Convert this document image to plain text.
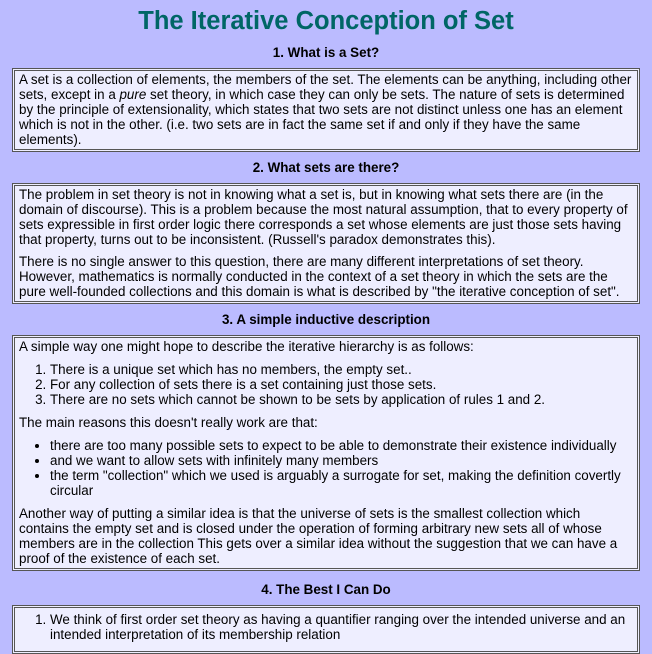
The Iterative Conception of Set
1. What is a Set?

A set is a collection of elements, the members of the set. The elements can be anything, including other sets, except in a pure set theory, in which case they can only be sets. The nature of sets is determined by the principle of extensionality, which states that two sets are not distinct unless one has an element which is not in the other. (i.e. two sets are in fact the same set if and only if they have the same elements).

2. What sets are there?

The problem in set theory is not in knowing what a set is, but in knowing what sets there are (in the domain of discourse). This is a problem because the most natural assumption, that to every property of sets expressible in first order logic there corresponds a set whose elements are just those sets having that property, turns out to be inconsistent. (Russell's paradox demonstrates this).

There is no single answer to this question, there are many different interpretations of set theory. However, mathematics is normally conducted in the context of a set theory in which the sets are the pure well-founded collections and this domain is what is described by "the iterative conception of set".

3. A simple inductive description

A simple way one might hope to describe the iterative hierarchy is as follows:

1. There is a unique set which has no members, the empty set..
2. For any collection of sets there is a set containing just those sets.
3. There are no sets which cannot be shown to be sets by application of rules 1 and 2.

The main reasons this doesn't really work are that:

• there are too many possible sets to expect to be able to demonstrate their existence individually
• and we want to allow sets with infinitely many members
• the term "collection" which we used is arguably a surrogate for set, making the definition covertly circular

Another way of putting a similar idea is that the universe of sets is the smallest collection which contains the empty set and is closed under the operation of forming arbitrary new sets all of whose members are in the collection This gets over a similar idea without the suggestion that we can have a proof of the existence of each set.

4. The Best I Can Do
1. We think of first order set theory as having a quantifier ranging over the intended universe and an intended interpretation of its membership relation
